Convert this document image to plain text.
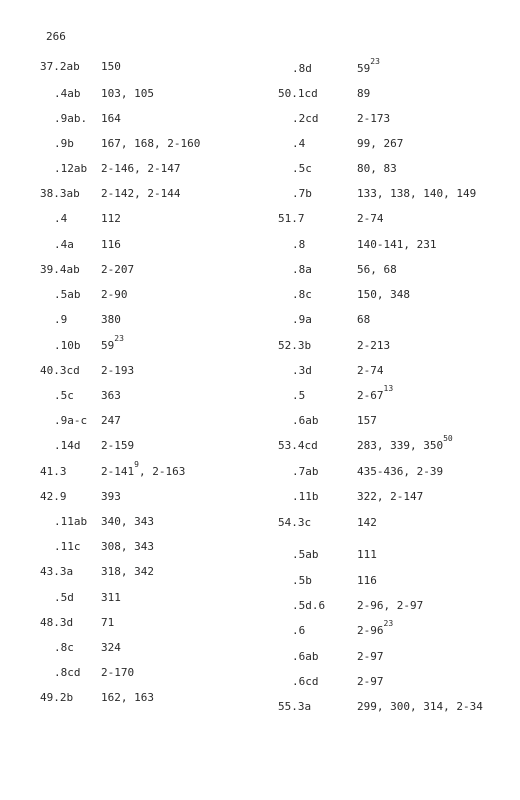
266
37.2ab 150
.4ab 103, 105
.9ab. 164
.9b 167, 168, 2-160
.12ab 2-146, 2-147
38.3ab 2-142, 2-144
.4	112
.4a 116
39.4ab 2-207
.5ab 2-90
.9	380
.10b $59^{23}$
40.3cd 2-193
.5c 363
.9a-c 247
.14d 2-159
41.3	$2-141^9$, 2-163
42.9	393
.11ab 340, 343
.11c 308, 343
43.3a	318, 342
.5d 311
48.3d	71
.8c 324
.8cd 2-170
49.2b	162, 163
.8d	$59^{23}$
50.1cd	89
.2cd	2-173
.4	99, 267
.5c	80, 83
.7b	133, 138, 140, 149
51.7	2-74
.8	140-141, 231
.8a	56, 68
.8c	150, 348
.9a	68
52.3b	2-213
.3d	2-74
.5	$2-67^{13}$
.6ab	157
53.4cd	283, 339, $350^{50}$
.7ab	435-436, 2-39
.11b	322, 2-147
54.3c	142
.5ab	111
.5b	116
.5d.6	2-96, 2-97
.6	$2-96^{23}$
.6ab	2-97
.6cd	2-97
55.3a	299, 300, 314, 2-34
